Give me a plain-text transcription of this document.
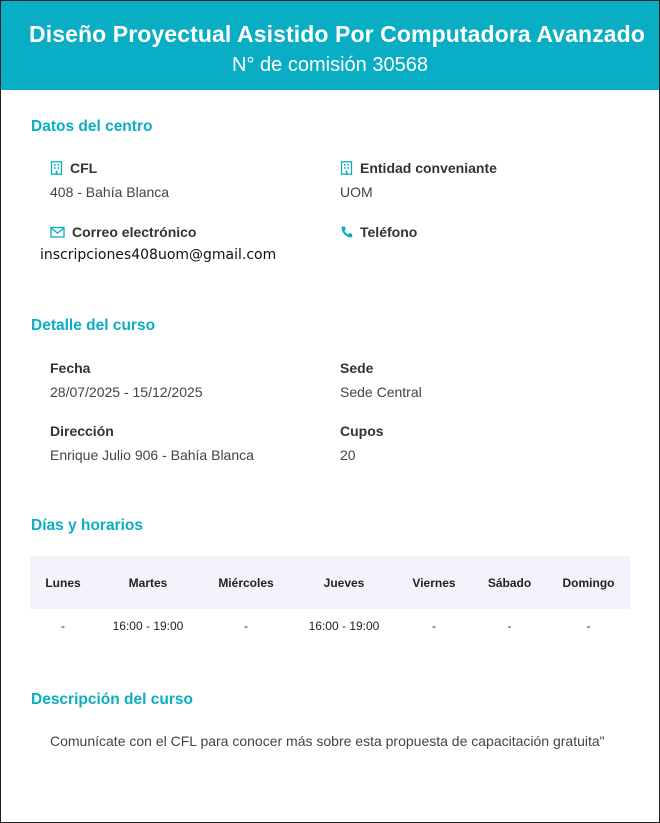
Diseño Proyectual Asistido Por Computadora Avanzado
N° de comisión 30568
Datos del centro
CFL
408 - Bahía Blanca
Entidad conveniante
UOM
Correo electrónico
inscripciones408uom@gmail.com
Teléfono
Detalle del curso
Fecha
28/07/2025 - 15/12/2025
Sede
Sede Central
Dirección
Enrique Julio 906 - Bahía Blanca
Cupos
20
Días y horarios
Lunes	Martes	Miércoles	Jueves	Viernes	Sábado	Domingo
-	16:00 - 19:00	-	16:00 - 19:00	-	-	-
Descripción del curso
Comunícate con el CFL para conocer más sobre esta propuesta de capacitación gratuita"
